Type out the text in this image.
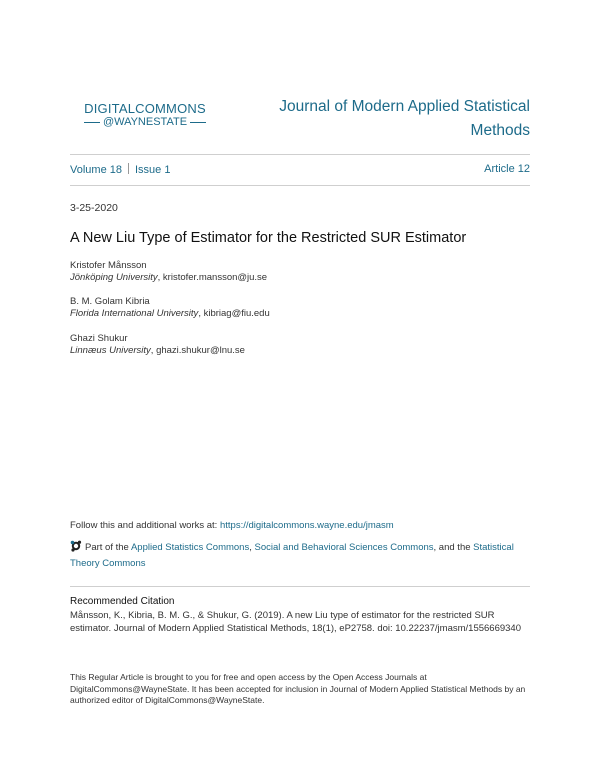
DIGITALCOMMONS
@WAYNESTATE
Journal of Modern Applied Statistical Methods
Volume 18 Issue 1	Article 12
3-25-2020
A New Liu Type of Estimator for the Restricted SUR Estimator
Kristofer Månsson
Jönköping University, kristofer.mansson@ju.se
B. M. Golam Kibria
Florida International University, kibriag@fiu.edu
Ghazi Shukur
Linnæus University, ghazi.shukur@lnu.se
Follow this and additional works at: https://digitalcommons.wayne.edu/jmasm
Part of the Applied Statistics Commons, Social and Behavioral Sciences Commons, and the Statistical Theory Commons
Recommended Citation
Månsson, K., Kibria, B. M. G., & Shukur, G. (2019). A new Liu type of estimator for the restricted SUR estimator. Journal of Modern Applied Statistical Methods, 18(1), eP2758. doi: 10.22237/jmasm/1556669340
This Regular Article is brought to you for free and open access by the Open Access Journals at DigitalCommons@WayneState. It has been accepted for inclusion in Journal of Modern Applied Statistical Methods by an authorized editor of DigitalCommons@WayneState.
